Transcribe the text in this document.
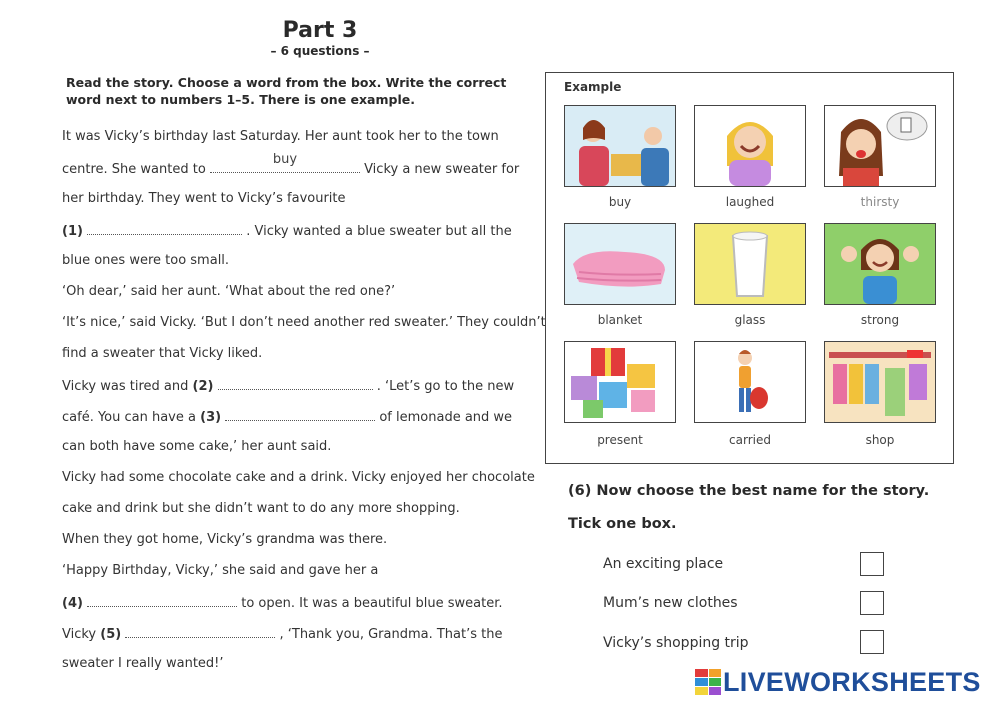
Part 3
– 6 questions –
Read the story. Choose a word from the box. Write the correct word next to numbers 1–5. There is one example.
It was Vicky’s birthday last Saturday. Her aunt took her to the town
centre. She wanted to
buy
Vicky a new sweater for
her birthday. They went to Vicky’s favourite
(1)	. Vicky wanted a blue sweater but all the
blue ones were too small.
‘Oh dear,’ said her aunt. ‘What about the red one?’
‘It’s nice,’ said Vicky. ‘But I don’t need another red sweater.’ They couldn’t
find a sweater that Vicky liked.
Vicky was tired and (2)	. ‘Let’s go to the new
café. You can have a (3)	of lemonade and we
can both have some cake,’ her aunt said.
Vicky had some chocolate cake and a drink. Vicky enjoyed her chocolate
cake and drink but she didn’t want to do any more shopping.
When they got home, Vicky’s grandma was there.
‘Happy Birthday, Vicky,’ she said and gave her a
(4)	to open. It was a beautiful blue sweater.
Vicky (5)	, ‘Thank you, Grandma. That’s the
sweater I really wanted!’
Example
buy	laughed	thirsty
blanket	glass	strong
present	carried	shop
(6) Now choose the best name for the story.
Tick one box.
An exciting place
Mum’s new clothes
Vicky’s shopping trip
LIVEWORKSHEETS
